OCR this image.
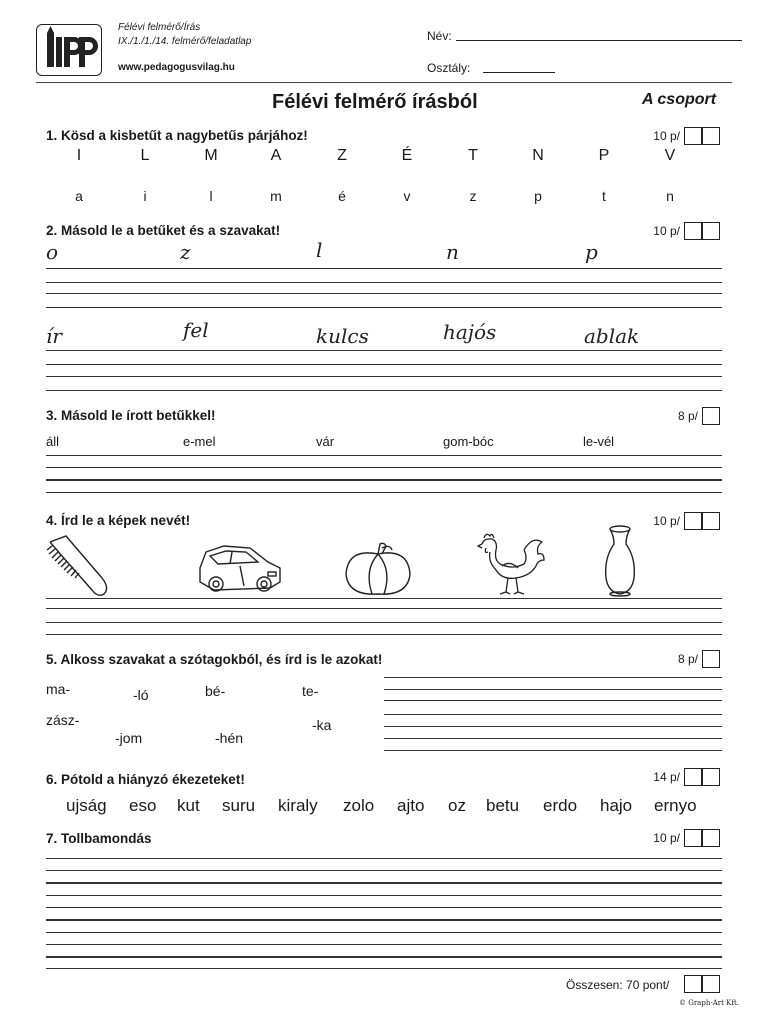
Félévi felmérő/Írás
IX./1./1./14. felmérő/feladatlap
www.pedagogusvilag.hu
Név:
Osztály:
Félévi felmérő írásból	A csoport
1. Kösd a kisbetűt a nagybetűs párjához!	10 p/
I	L	M	A	Z	É	T	N	P	V
a	i	l	m	é	v	z	p	t	n
2. Másold le a betűket és a szavakat!	10 p/
o	z	l	n	p
ír	fel	kulcs	hajós	ablak
3. Másold le írott betűkkel!	8 p/
áll	e-mel	vár	gom-bóc	le-vél
4. Írd le a képek nevét!	10 p/
5. Alkoss szavakat a szótagokból, és írd is le azokat!	8 p/
ma-	-ló	bé-	te-
zász-
-jom	-hén
-ka
6. Pótold a hiányzó ékezeteket!	14 p/
ujság eso kut suru kiraly zolo ajto oz betu erdo hajo ernyo
7. Tollbamondás	10 p/
Összesen: 70 pont/
© Graph-Art Kft.
